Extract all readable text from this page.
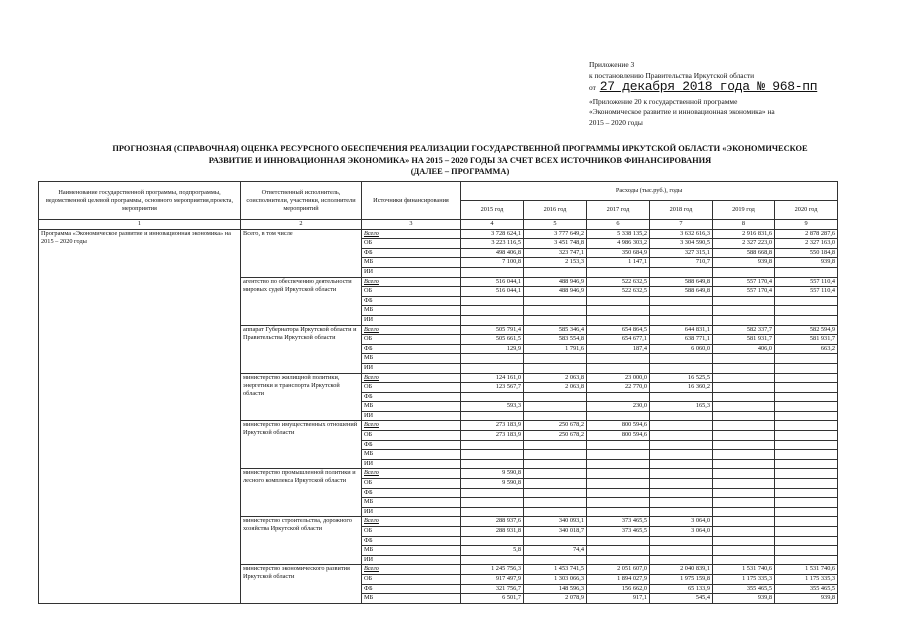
Приложение 3
к постановлению Правительства Иркутской области
от 27 декабря 2018 года № 968-пп
«Приложение 20 к государственной программе
«Экономическое развитие и инновационная экономика» на
2015 – 2020 годы
ПРОГНОЗНАЯ (СПРАВОЧНАЯ) ОЦЕНКА РЕСУРСНОГО ОБЕСПЕЧЕНИЯ РЕАЛИЗАЦИИ ГОСУДАРСТВЕННОЙ ПРОГРАММЫ ИРКУТСКОЙ ОБЛАСТИ «ЭКОНОМИЧЕСКОЕ
РАЗВИТИЕ И ИННОВАЦИОННАЯ ЭКОНОМИКА» НА 2015 – 2020 ГОДЫ ЗА СЧЕТ ВСЕХ ИСТОЧНИКОВ ФИНАНСИРОВАНИЯ
(ДАЛЕЕ – ПРОГРАММА)
Наименование государственной программы, подпрограммы, ведомственной целевой программы, основного мероприятия,проекта, мероприятия	Ответственный исполнитель, соисполнители, участники, исполнители мероприятий	Источники финансирования	Расходы (тыс.руб.), годы					
			2015 год	2016 год	2017 год	2018 год	2019 год	2020 год
1	2	3	4	5	6	7	8	9
Программа «Экономическое развитие и инновационная экономика» на 2015 – 2020 годы	Всего, в том числе	Всего	3 728 624,1	3 777 649,2	5 338 135,2	3 632 616,3	2 916 831,6	2 878 287,6
		ОБ	3 223 116,5	3 451 748,8	4 986 303,2	3 304 590,5	2 327 223,0	2 327 163,0
		ФБ	498 406,8	323 747,1	350 684,9	327 315,1	588 668,8	550 184,8
		МБ	7 100,8	2 153,3	1 147,1	710,7	939,8	939,8
		ИИ						
	агентство по обеспечению деятельности мировых судей Иркутской области	Всего	516 044,1	488 946,9	522 632,5	588 649,8	557 170,4	557 110,4
		ОБ	516 044,1	488 946,9	522 632,5	588 649,8	557 170,4	557 110,4
		ФБ						
		МБ						
		ИИ						
	аппарат Губернатора Иркутской области и Правительства Иркутской области	Всего	505 791,4	585 346,4	654 864,5	644 831,1	582 337,7	582 594,9
		ОБ	505 661,5	583 554,8	654 677,1	638 771,1	581 931,7	581 931,7
		ФБ	129,9	1 791,6	187,4	6 060,0	406,0	663,2
		МБ						
		ИИ						
	министерство жилищной политики, энергетики и транспорта Иркутской области	Всего	124 161,0	2 063,8	23 000,0	16 525,5		
		ОБ	123 567,7	2 063,8	22 770,0	16 360,2		
		ФБ						
		МБ	593,3		230,0	165,3		
		ИИ						
	министерство имущественных отношений Иркутской области	Всего	273 183,9	250 678,2	800 594,6			
		ОБ	273 183,9	250 678,2	800 594,6			
		ФБ						
		МБ						
		ИИ						
	министерство промышленной политики и лесного комплекса Иркутской области	Всего	9 590,8					
		ОБ	9 590,8					
		ФБ						
		МБ						
		ИИ						
	министерство строительства, дорожного хозяйства Иркутской области	Всего	288 937,6	340 093,1	373 465,5	3 064,0		
		ОБ	288 931,8	340 018,7	373 465,5	3 064,0		
		ФБ						
		МБ	5,8	74,4				
		ИИ						
	министерство экономического развития Иркутской области	Всего	1 245 756,3	1 453 741,5	2 051 607,0	2 040 839,1	1 531 740,6	1 531 740,6
		ОБ	917 497,9	1 303 066,3	1 894 027,9	1 975 159,8	1 175 335,3	1 175 335,3
		ФБ	321 756,7	148 596,3	156 662,0	65 133,9	355 465,5	355 465,5
		МБ	6 501,7	2 078,9	917,1	545,4	939,8	939,8
